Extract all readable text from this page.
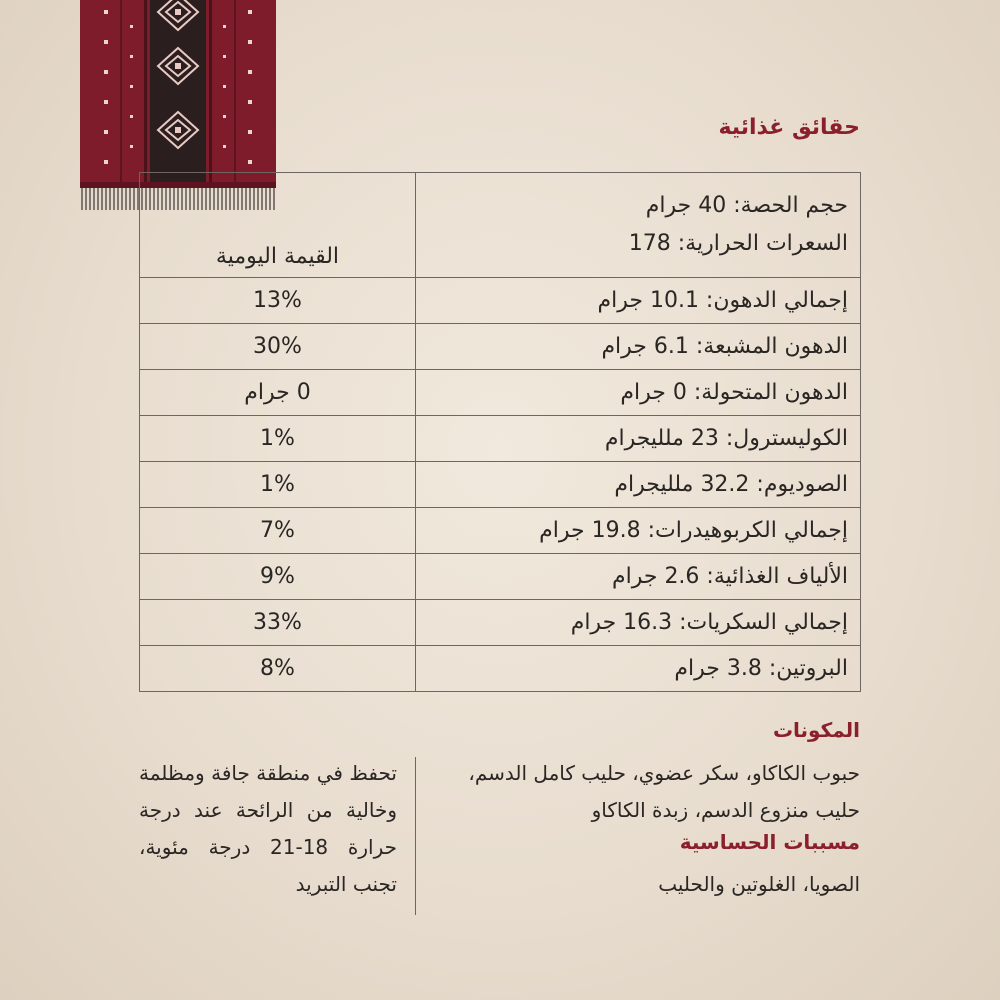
حقائق غذائية
حجم الحصة: 40 جرام
السعرات الحرارية: 178	القيمة اليومية
إجمالي الدهون: 10.1 جرام	13%
الدهون المشبعة: 6.1 جرام	30%
الدهون المتحولة: 0 جرام	0 جرام
الكوليسترول: 23 ملليجرام	1%
الصوديوم: 32.2 ملليجرام	1%
إجمالي الكربوهيدرات: 19.8 جرام	7%
الألياف الغذائية: 2.6 جرام	9%
إجمالي السكريات: 16.3 جرام	33%
البروتين: 3.8 جرام	8%
المكونات

حبوب الكاكاو، سكر عضوي، حليب كامل الدسم، حليب منزوع الدسم، زبدة الكاكاو

مسببات الحساسية

الصويا، الغلوتين والحليب

تحفظ في منطقة جافة ومظلمة وخالية من الرائحة عند درجة حرارة 18-21 درجة مئوية، تجنب التبريد
